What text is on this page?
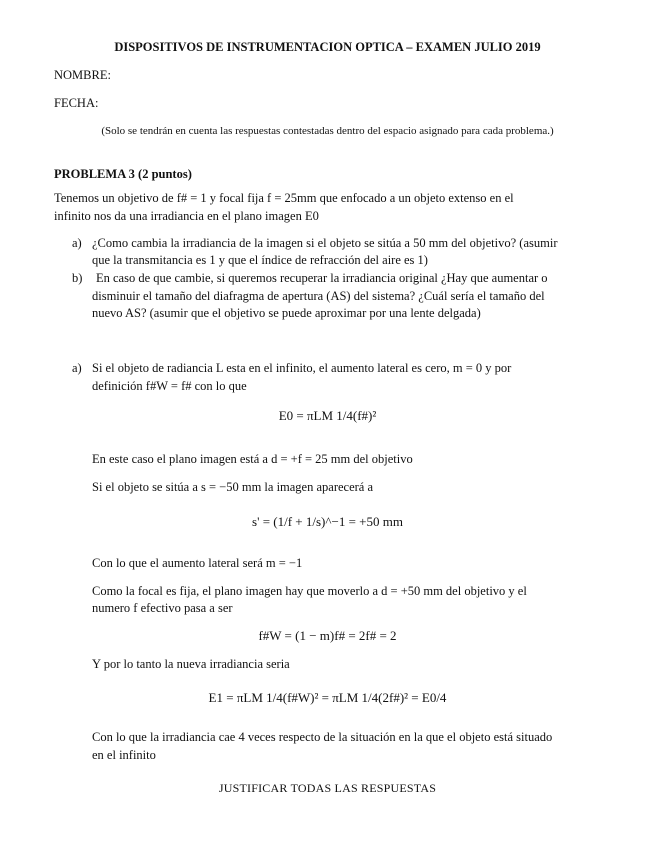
DISPOSITIVOS DE INSTRUMENTACION OPTICA – EXAMEN JULIO 2019
NOMBRE:
FECHA:
(Solo se tendrán en cuenta las respuestas contestadas dentro del espacio asignado para cada problema.)
PROBLEMA 3 (2 puntos)
Tenemos un objetivo de f# = 1 y focal fija f = 25mm que enfocado a un objeto extenso en el
infinito nos da una irradiancia en el plano imagen E0
a) ¿Como cambia la irradiancia de la imagen si el objeto se sitúa a 50 mm del objetivo? (asumir
que la transmitancia es 1 y que el índice de refracción del aire es 1)
b) En caso de que cambie, si queremos recuperar la irradiancia original ¿Hay que aumentar o
disminuir el tamaño del diafragma de apertura (AS) del sistema? ¿Cuál sería el tamaño del
nuevo AS? (asumir que el objetivo se puede aproximar por una lente delgada)
a) Si el objeto de radiancia L esta en el infinito, el aumento lateral es cero, m = 0 y por
definición f#W = f# con lo que
E0 = πLM 1/4(f#)²
En este caso el plano imagen está a d = +f = 25 mm del objetivo
Si el objeto se sitúa a s = −50 mm la imagen aparecerá a
s' = (1/f + 1/s)^−1 = +50 mm
Con lo que el aumento lateral será m = −1
Como la focal es fija, el plano imagen hay que moverlo a d = +50 mm del objetivo y el
numero f efectivo pasa a ser
f#W = (1 − m)f# = 2f# = 2
Y por lo tanto la nueva irradiancia seria
E1 = πLM 1/4(f#W)² = πLM 1/4(2f#)² = E0/4
Con lo que la irradiancia cae 4 veces respecto de la situación en la que el objeto está situado
en el infinito
JUSTIFICAR TODAS LAS RESPUESTAS
